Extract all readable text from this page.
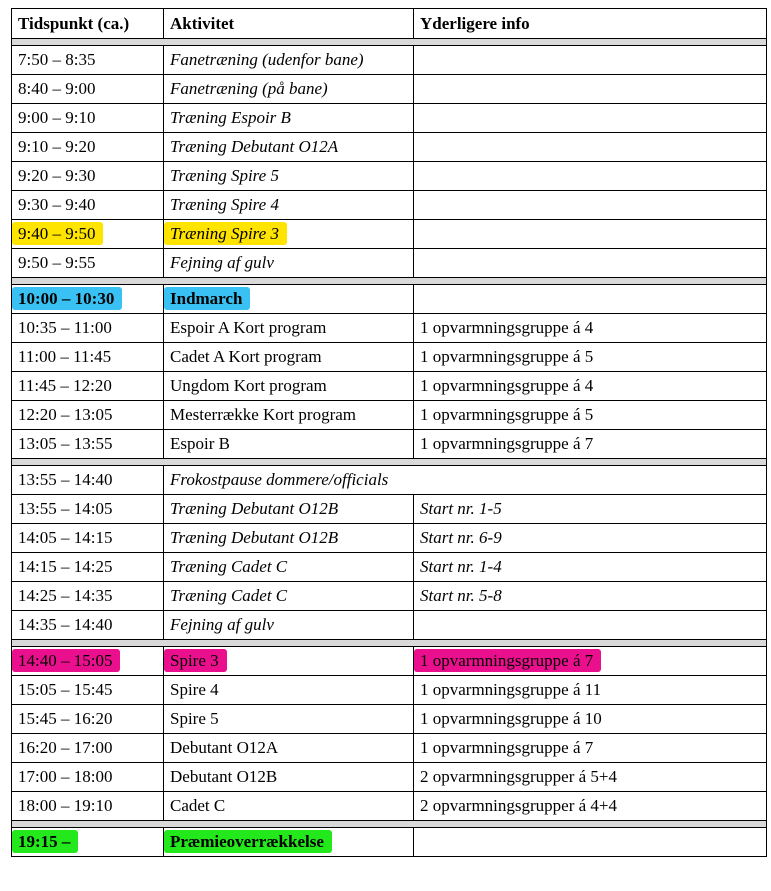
Tidspunkt (ca.)	Aktivitet	Yderligere info

7:50 – 8:35	Fanetræning (udenfor bane)	
8:40 – 9:00	Fanetræning (på bane)	
9:00 – 9:10	Træning Espoir B	
9:10 – 9:20	Træning Debutant O12A	
9:20 – 9:30	Træning Spire 5	
9:30 – 9:40	Træning Spire 4	
9:40 – 9:50	Træning Spire 3	
9:50 – 9:55	Fejning af gulv	

10:00 – 10:30	Indmarch	
10:35 – 11:00	Espoir A Kort program	1 opvarmningsgruppe á 4
11:00 – 11:45	Cadet A Kort program	1 opvarmningsgruppe á 5
11:45 – 12:20	Ungdom Kort program	1 opvarmningsgruppe á 4
12:20 – 13:05	Mesterrække Kort program	1 opvarmningsgruppe á 5
13:05 – 13:55	Espoir B	1 opvarmningsgruppe á 7

13:55 – 14:40	Frokostpause dommere/officials	
13:55 – 14:05	Træning Debutant O12B	Start nr. 1-5
14:05 – 14:15	Træning Debutant O12B	Start nr. 6-9
14:15 – 14:25	Træning Cadet C	Start nr. 1-4
14:25 – 14:35	Træning Cadet C	Start nr. 5-8
14:35 – 14:40	Fejning af gulv	

14:40 – 15:05	Spire 3	1 opvarmningsgruppe á 7
15:05 – 15:45	Spire 4	1 opvarmningsgruppe á 11
15:45 – 16:20	Spire 5	1 opvarmningsgruppe á 10
16:20 – 17:00	Debutant O12A	1 opvarmningsgruppe á 7
17:00 – 18:00	Debutant O12B	2 opvarmningsgrupper á 5+4
18:00 – 19:10	Cadet C	2 opvarmningsgrupper á 4+4

19:15 –	Præmieoverrækkelse	
